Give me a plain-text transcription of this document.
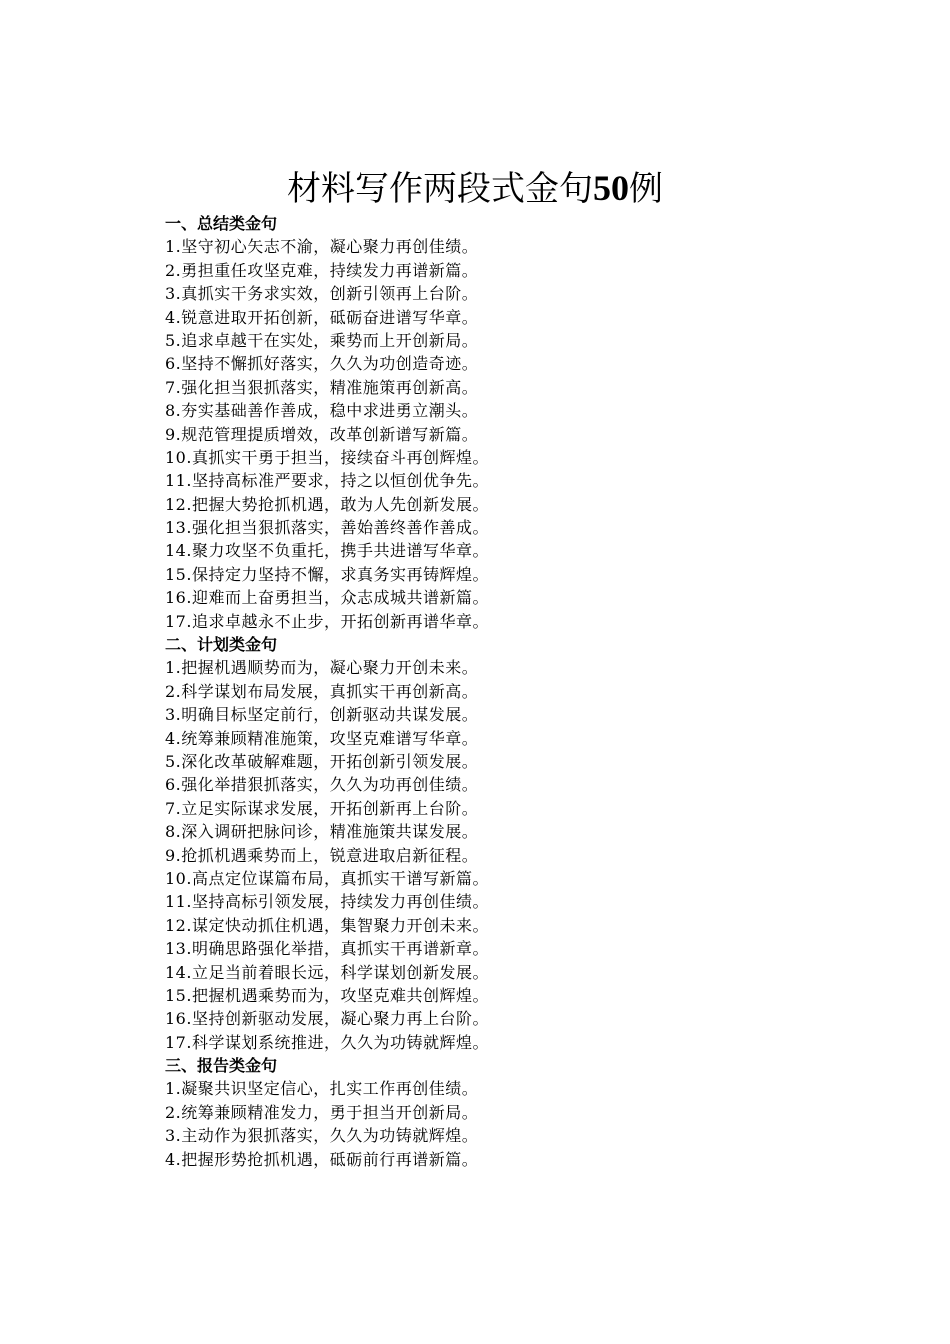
材料写作两段式金句50例
一、总结类金句
1.坚守初心矢志不渝，凝心聚力再创佳绩。
2.勇担重任攻坚克难，持续发力再谱新篇。
3.真抓实干务求实效，创新引领再上台阶。
4.锐意进取开拓创新，砥砺奋进谱写华章。
5.追求卓越干在实处，乘势而上开创新局。
6.坚持不懈抓好落实，久久为功创造奇迹。
7.强化担当狠抓落实，精准施策再创新高。
8.夯实基础善作善成，稳中求进勇立潮头。
9.规范管理提质增效，改革创新谱写新篇。
10.真抓实干勇于担当，接续奋斗再创辉煌。
11.坚持高标准严要求，持之以恒创优争先。
12.把握大势抢抓机遇，敢为人先创新发展。
13.强化担当狠抓落实，善始善终善作善成。
14.聚力攻坚不负重托，携手共进谱写华章。
15.保持定力坚持不懈，求真务实再铸辉煌。
16.迎难而上奋勇担当，众志成城共谱新篇。
17.追求卓越永不止步，开拓创新再谱华章。
二、计划类金句
1.把握机遇顺势而为，凝心聚力开创未来。
2.科学谋划布局发展，真抓实干再创新高。
3.明确目标坚定前行，创新驱动共谋发展。
4.统筹兼顾精准施策，攻坚克难谱写华章。
5.深化改革破解难题，开拓创新引领发展。
6.强化举措狠抓落实，久久为功再创佳绩。
7.立足实际谋求发展，开拓创新再上台阶。
8.深入调研把脉问诊，精准施策共谋发展。
9.抢抓机遇乘势而上，锐意进取启新征程。
10.高点定位谋篇布局，真抓实干谱写新篇。
11.坚持高标引领发展，持续发力再创佳绩。
12.谋定快动抓住机遇，集智聚力开创未来。
13.明确思路强化举措，真抓实干再谱新章。
14.立足当前着眼长远，科学谋划创新发展。
15.把握机遇乘势而为，攻坚克难共创辉煌。
16.坚持创新驱动发展，凝心聚力再上台阶。
17.科学谋划系统推进，久久为功铸就辉煌。
三、报告类金句
1.凝聚共识坚定信心，扎实工作再创佳绩。
2.统筹兼顾精准发力，勇于担当开创新局。
3.主动作为狠抓落实，久久为功铸就辉煌。
4.把握形势抢抓机遇，砥砺前行再谱新篇。
